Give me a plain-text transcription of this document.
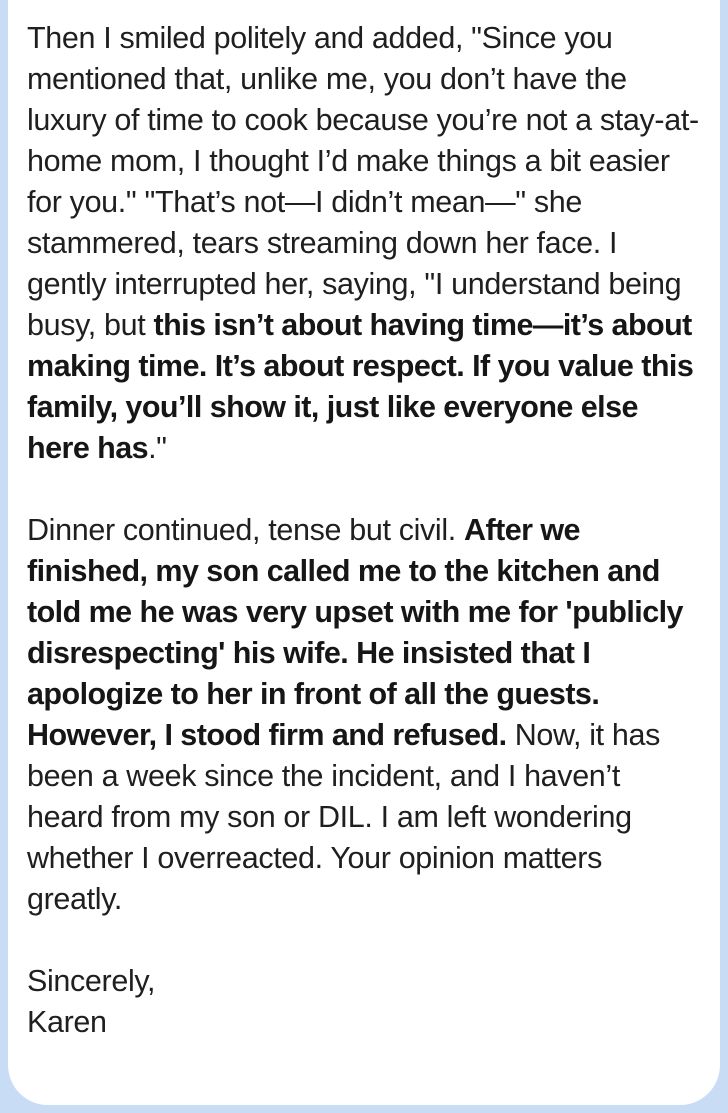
Then I smiled politely and added, "Since you mentioned that, unlike me, you don’t have the luxury of time to cook because you’re not a stay-at-home mom, I thought I’d make things a bit easier for you." "That’s not—I didn’t mean—" she stammered, tears streaming down her face. I gently interrupted her, saying, "I understand being busy, but this isn’t about having time—it’s about making time. It’s about respect. If you value this family, you’ll show it, just like everyone else here has."

Dinner continued, tense but civil. After we finished, my son called me to the kitchen and told me he was very upset with me for 'publicly disrespecting' his wife. He insisted that I apologize to her in front of all the guests. However, I stood firm and refused. Now, it has been a week since the incident, and I haven’t heard from my son or DIL. I am left wondering whether I overreacted. Your opinion matters greatly.

Sincerely,

Karen
